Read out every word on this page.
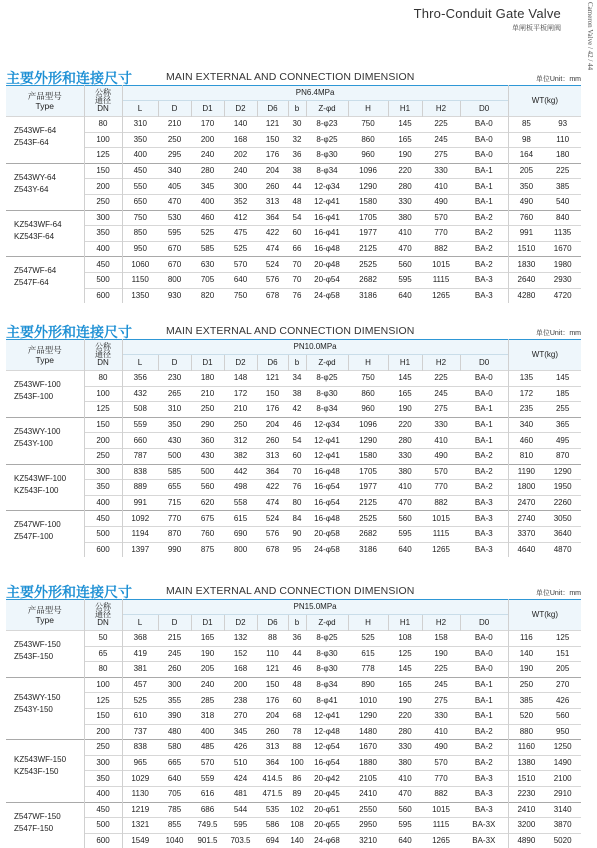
Thro-Conduit Gate Valve
单闸板平板闸阀	Cameron Valve / 42 / 44
主要外形和连接尺寸	MAIN EXTERNAL AND CONNECTION DIMENSION	单位Unit：mm
产品型号
Type	公称
通径
DN	PN6.4MPa											WT(kg)	
		L	D	D1	D2	D6	b	Z-φd	H	H1	H2	D0		

Z543WF-64
Z543F-64	80	310	210	170	140	121	30	8-φ23	750	145	225	BA-0	85	93
	100	350	250	200	168	150	32	8-φ25	860	165	245	BA-0	98	110
	125	400	295	240	202	176	36	8-φ30	960	190	275	BA-0	164	180

Z543WY-64
Z543Y-64	150	450	340	280	240	204	38	8-φ34	1096	220	330	BA-1	205	225
	200	550	405	345	300	260	44	12-φ34	1290	280	410	BA-1	350	385
	250	650	470	400	352	313	48	12-φ41	1580	330	490	BA-1	490	540

KZ543WF-64
KZ543F-64	300	750	530	460	412	364	54	16-φ41	1705	380	570	BA-2	760	840
	350	850	595	525	475	422	60	16-φ41	1977	410	770	BA-2	991	1135
	400	950	670	585	525	474	66	16-φ48	2125	470	882	BA-2	1510	1670

Z547WF-64
Z547F-64	450	1060	670	630	570	524	70	20-φ48	2525	560	1015	BA-2	1830	1980
	500	1150	800	705	640	576	70	20-φ54	2682	595	1115	BA-3	2640	2930
	600	1350	930	820	750	678	76	24-φ58	3186	640	1265	BA-3	4280	4720
主要外形和连接尺寸	MAIN EXTERNAL AND CONNECTION DIMENSION	单位Unit：mm
产品型号
Type	公称
通径
DN	PN10.0MPa											WT(kg)	
		L	D	D1	D2	D6	b	Z-φd	H	H1	H2	D0		

Z543WF-100
Z543F-100	80	356	230	180	148	121	34	8-φ25	750	145	225	BA-0	135	145
	100	432	265	210	172	150	38	8-φ30	860	165	245	BA-0	172	185
	125	508	310	250	210	176	42	8-φ34	960	190	275	BA-1	235	255

Z543WY-100
Z543Y-100	150	559	350	290	250	204	46	12-φ34	1096	220	330	BA-1	340	365
	200	660	430	360	312	260	54	12-φ41	1290	280	410	BA-1	460	495
	250	787	500	430	382	313	60	12-φ41	1580	330	490	BA-2	810	870

KZ543WF-100
KZ543F-100	300	838	585	500	442	364	70	16-φ48	1705	380	570	BA-2	1190	1290
	350	889	655	560	498	422	76	16-φ54	1977	410	770	BA-2	1800	1950
	400	991	715	620	558	474	80	16-φ54	2125	470	882	BA-3	2470	2260

Z547WF-100
Z547F-100	450	1092	770	675	615	524	84	16-φ48	2525	560	1015	BA-3	2740	3050
	500	1194	870	760	690	576	90	20-φ58	2682	595	1115	BA-3	3370	3640
	600	1397	990	875	800	678	95	24-φ58	3186	640	1265	BA-3	4640	4870
主要外形和连接尺寸	MAIN EXTERNAL AND CONNECTION DIMENSION	单位Unit：mm
产品型号
Type	公称
通径
DN	PN15.0MPa											WT(kg)	
		L	D	D1	D2	D6	b	Z-φd	H	H1	H2	D0		

Z543WF-150
Z543F-150	50	368	215	165	132	88	36	8-φ25	525	108	158	BA-0	116	125
	65	419	245	190	152	110	44	8-φ30	615	125	190	BA-0	140	151
	80	381	260	205	168	121	46	8-φ30	778	145	225	BA-0	190	205

Z543WY-150
Z543Y-150	100	457	300	240	200	150	48	8-φ34	890	165	245	BA-1	250	270
	125	525	355	285	238	176	60	8-φ41	1010	190	275	BA-1	385	426
	150	610	390	318	270	204	68	12-φ41	1290	220	330	BA-1	520	560
	200	737	480	400	345	260	78	12-φ48	1480	280	410	BA-2	880	950

KZ543WF-150
KZ543F-150	250	838	580	485	426	313	88	12-φ54	1670	330	490	BA-2	1160	1250
	300	965	665	570	510	364	100	16-φ54	1880	380	570	BA-2	1380	1490
	350	1029	640	559	424	414.5	86	20-φ42	2105	410	770	BA-3	1510	2100
	400	1130	705	616	481	471.5	89	20-φ45	2410	470	882	BA-3	2230	2910

Z547WF-150
Z547F-150	450	1219	785	686	544	535	102	20-φ51	2550	560	1015	BA-3	2410	3140
	500	1321	855	749.5	595	586	108	20-φ55	2950	595	1115	BA-3X	3200	3870
	600	1549	1040	901.5	703.5	694	140	24-φ68	3210	640	1265	BA-3X	4890	5020
